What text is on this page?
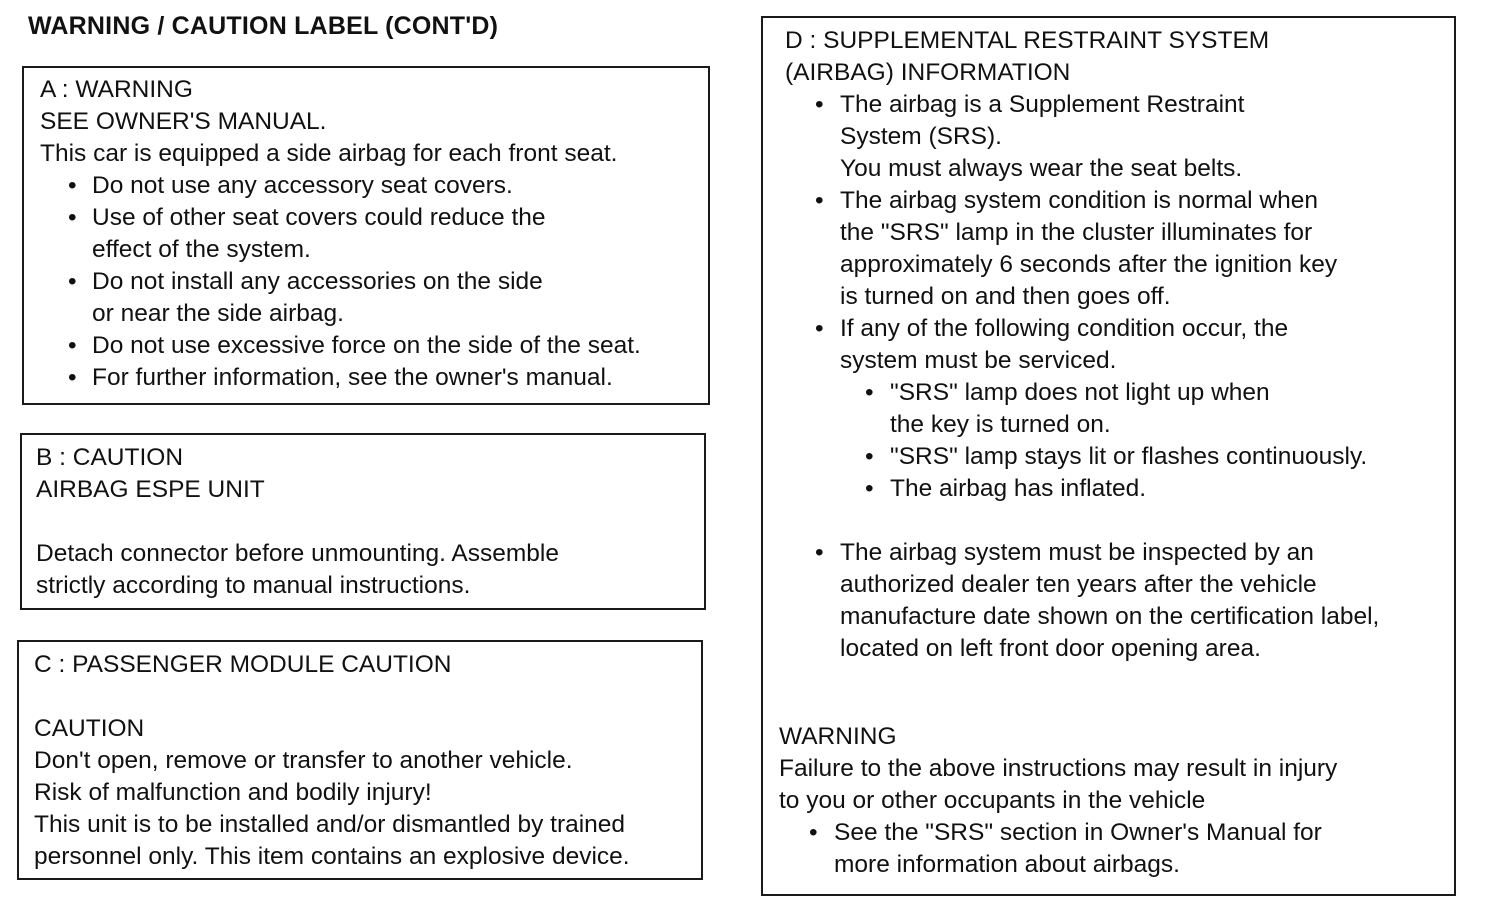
WARNING / CAUTION LABEL (CONT'D)
A : WARNING
SEE OWNER'S MANUAL.
This car is equipped a side airbag for each front seat.
• Do not use any accessory seat covers.
• Use of other seat covers could reduce the
effect of the system.
• Do not install any accessories on the side
or near the side airbag.
• Do not use excessive force on the side of the seat.
• For further information, see the owner's manual.
B : CAUTION
AIRBAG ESPE UNIT
Detach connector before unmounting. Assemble
strictly according to manual instructions.
C : PASSENGER MODULE CAUTION
CAUTION
Don't open, remove or transfer to another vehicle.
Risk of malfunction and bodily injury!
This unit is to be installed and/or dismantled by trained
personnel only. This item contains an explosive device.
D : SUPPLEMENTAL RESTRAINT SYSTEM
(AIRBAG) INFORMATION
• The airbag is a Supplement Restraint
System (SRS).
You must always wear the seat belts.
• The airbag system condition is normal when
the "SRS" lamp in the cluster illuminates for
approximately 6 seconds after the ignition key
is turned on and then goes off.
• If any of the following condition occur, the
system must be serviced.
• "SRS" lamp does not light up when
the key is turned on.
• "SRS" lamp stays lit or flashes continuously.
• The airbag has inflated.
• The airbag system must be inspected by an
authorized dealer ten years after the vehicle
manufacture date shown on the certification label,
located on left front door opening area.
WARNING
Failure to the above instructions may result in injury
to you or other occupants in the vehicle
• See the "SRS" section in Owner's Manual for
more information about airbags.
